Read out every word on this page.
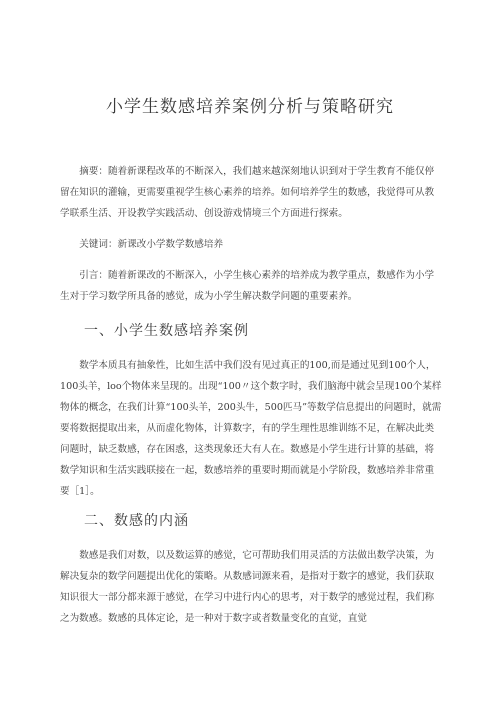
小学生数感培养案例分析与策略研究
摘要：随着新课程改革的不断深入，我们越来越深刻地认识到对于学生教育不能仅停留在知识的灌输，更需要重视学生核心素养的培养。如何培养学生的数感，我觉得可从教学联系生活、开设教学实践活动、创设游戏情境三个方面进行探索。
关键词：新课改小学数学数感培养
引言：随着新课改的不断深入，小学生核心素养的培养成为教学重点，数感作为小学生对于学习数学所具备的感觉，成为小学生解决数学问题的重要素养。
一、小学生数感培养案例
数学本质具有抽象性，比如生活中我们没有见过真正的100,而是通过见到100个人，100头羊，loo个物体来呈现的。出现“100〃这个数字时，我们脑海中就会呈现100个某样物体的概念，在我们计算“100头羊，200头牛，500匹马”等数学信息提出的问题时，就需要将数据提取出来，从而虚化物体，计算数字，有的学生理性思维训练不足，在解决此类问题时，缺乏数感，存在困惑，这类现象还大有人在。数感是小学生进行计算的基础，将数学知识和生活实践联接在一起，数感培养的重要时期而就是小学阶段，数感培养非常重要［1］。
二、数感的内涵
数感是我们对数，以及数运算的感觉，它可帮助我们用灵活的方法做出数学决策，为解决复杂的数学问题提出优化的策略。从数感词源来看，是指对于数字的感觉，我们获取知识很大一部分都来源于感觉，在学习中进行内心的思考，对于数学的感觉过程，我们称之为数感。数感的具体定论，是一种对于数字或者数量变化的直觉，直觉
